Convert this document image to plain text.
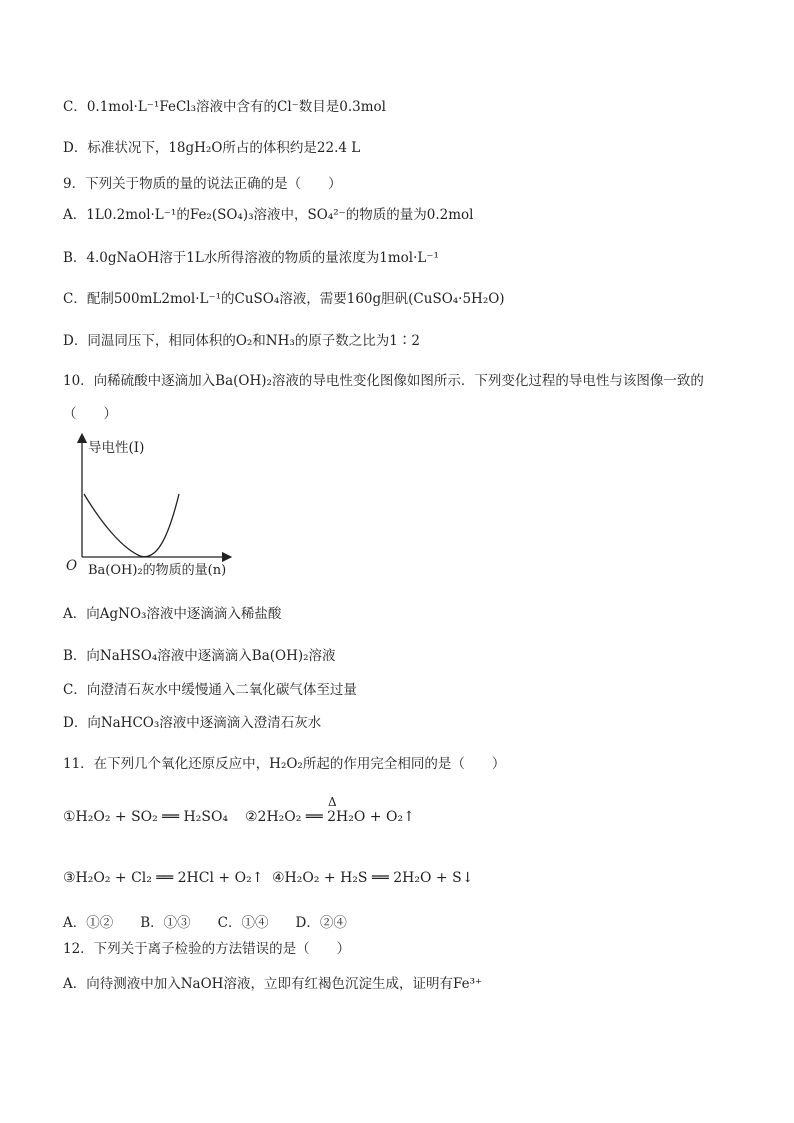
C．0.1mol·L⁻¹FeCl₃溶液中含有的Cl⁻数目是0.3mol
D．标准状况下，18gH₂O所占的体积约是22.4 L
9．下列关于物质的量的说法正确的是（　　）
A．1L0.2mol·L⁻¹的Fe₂(SO₄)₃溶液中，SO₄²⁻的物质的量为0.2mol
B．4.0gNaOH溶于1L水所得溶液的物质的量浓度为1mol·L⁻¹
C．配制500mL2mol·L⁻¹的CuSO₄溶液，需要160g胆矾(CuSO₄·5H₂O)
D．同温同压下，相同体积的O₂和NH₃的原子数之比为1∶2
10．向稀硫酸中逐滴加入Ba(OH)₂溶液的导电性变化图像如图所示．下列变化过程的导电性与该图像一致的
（　　）
导电性(I)
O Ba(OH)₂的物质的量(n)
A．向AgNO₃溶液中逐滴滴入稀盐酸
B．向NaHSO₄溶液中逐滴滴入Ba(OH)₂溶液
C．向澄清石灰水中缓慢通入二氧化碳气体至过量
D．向NaHCO₃溶液中逐滴滴入澄清石灰水
11．在下列几个氧化还原反应中，H₂O₂所起的作用完全相同的是（　　）
①H₂O₂ + SO₂ ══ H₂SO₄
Δ
②2H₂O₂ ══ 2H₂O + O₂↑
③H₂O₂ + Cl₂ ══ 2HCl + O₂↑ ④H₂O₂ + H₂S ══ 2H₂O + S↓
A．①②　　B．①③　　C．①④　　D．②④
12．下列关于离子检验的方法错误的是（　　）
A．向待测液中加入NaOH溶液，立即有红褐色沉淀生成，证明有Fe³⁺
